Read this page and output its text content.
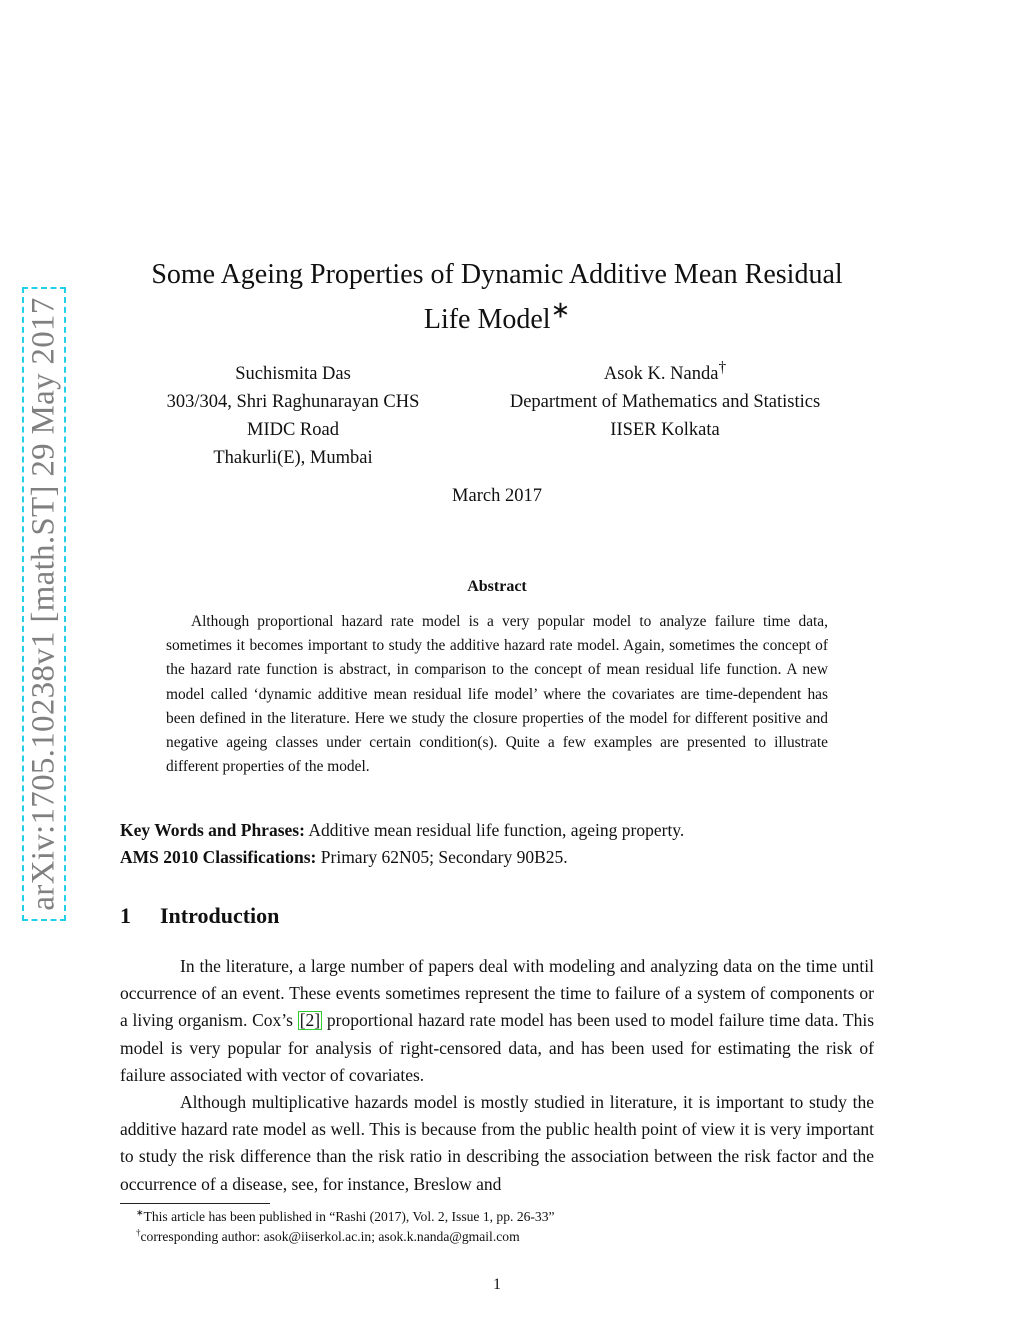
arXiv:1705.10238v1 [math.ST] 29 May 2017
Some Ageing Properties of Dynamic Additive Mean Residual
Life Model∗
Suchismita Das
303/304, Shri Raghunarayan CHS
MIDC Road
Thakurli(E), Mumbai
Asok K. Nanda†
Department of Mathematics and Statistics
IISER Kolkata
March 2017
Abstract

Although proportional hazard rate model is a very popular model to analyze failure time data, sometimes it becomes important to study the additive hazard rate model. Again, sometimes the concept of the hazard rate function is abstract, in comparison to the concept of mean residual life function. A new model called ‘dynamic additive mean residual life model’ where the covariates are time-dependent has been defined in the literature. Here we study the closure properties of the model for different positive and negative ageing classes under certain condition(s). Quite a few examples are presented to illustrate different properties of the model.

Key Words and Phrases: Additive mean residual life function, ageing property.
AMS 2010 Classifications: Primary 62N05; Secondary 90B25.
1 Introduction

In the literature, a large number of papers deal with modeling and analyzing data on the time until occurrence of an event. These events sometimes represent the time to failure of a system of components or a living organism. Cox’s [2] proportional hazard rate model has been used to model failure time data. This model is very popular for analysis of right-censored data, and has been used for estimating the risk of failure associated with vector of covariates.

Although multiplicative hazards model is mostly studied in literature, it is important to study the additive hazard rate model as well. This is because from the public health point of view it is very important to study the risk difference than the risk ratio in describing the association between the risk factor and the occurrence of a disease, see, for instance, Breslow and

∗This article has been published in “Rashi (2017), Vol. 2, Issue 1, pp. 26-33”
†corresponding author: asok@iiserkol.ac.in; asok.k.nanda@gmail.com
1
